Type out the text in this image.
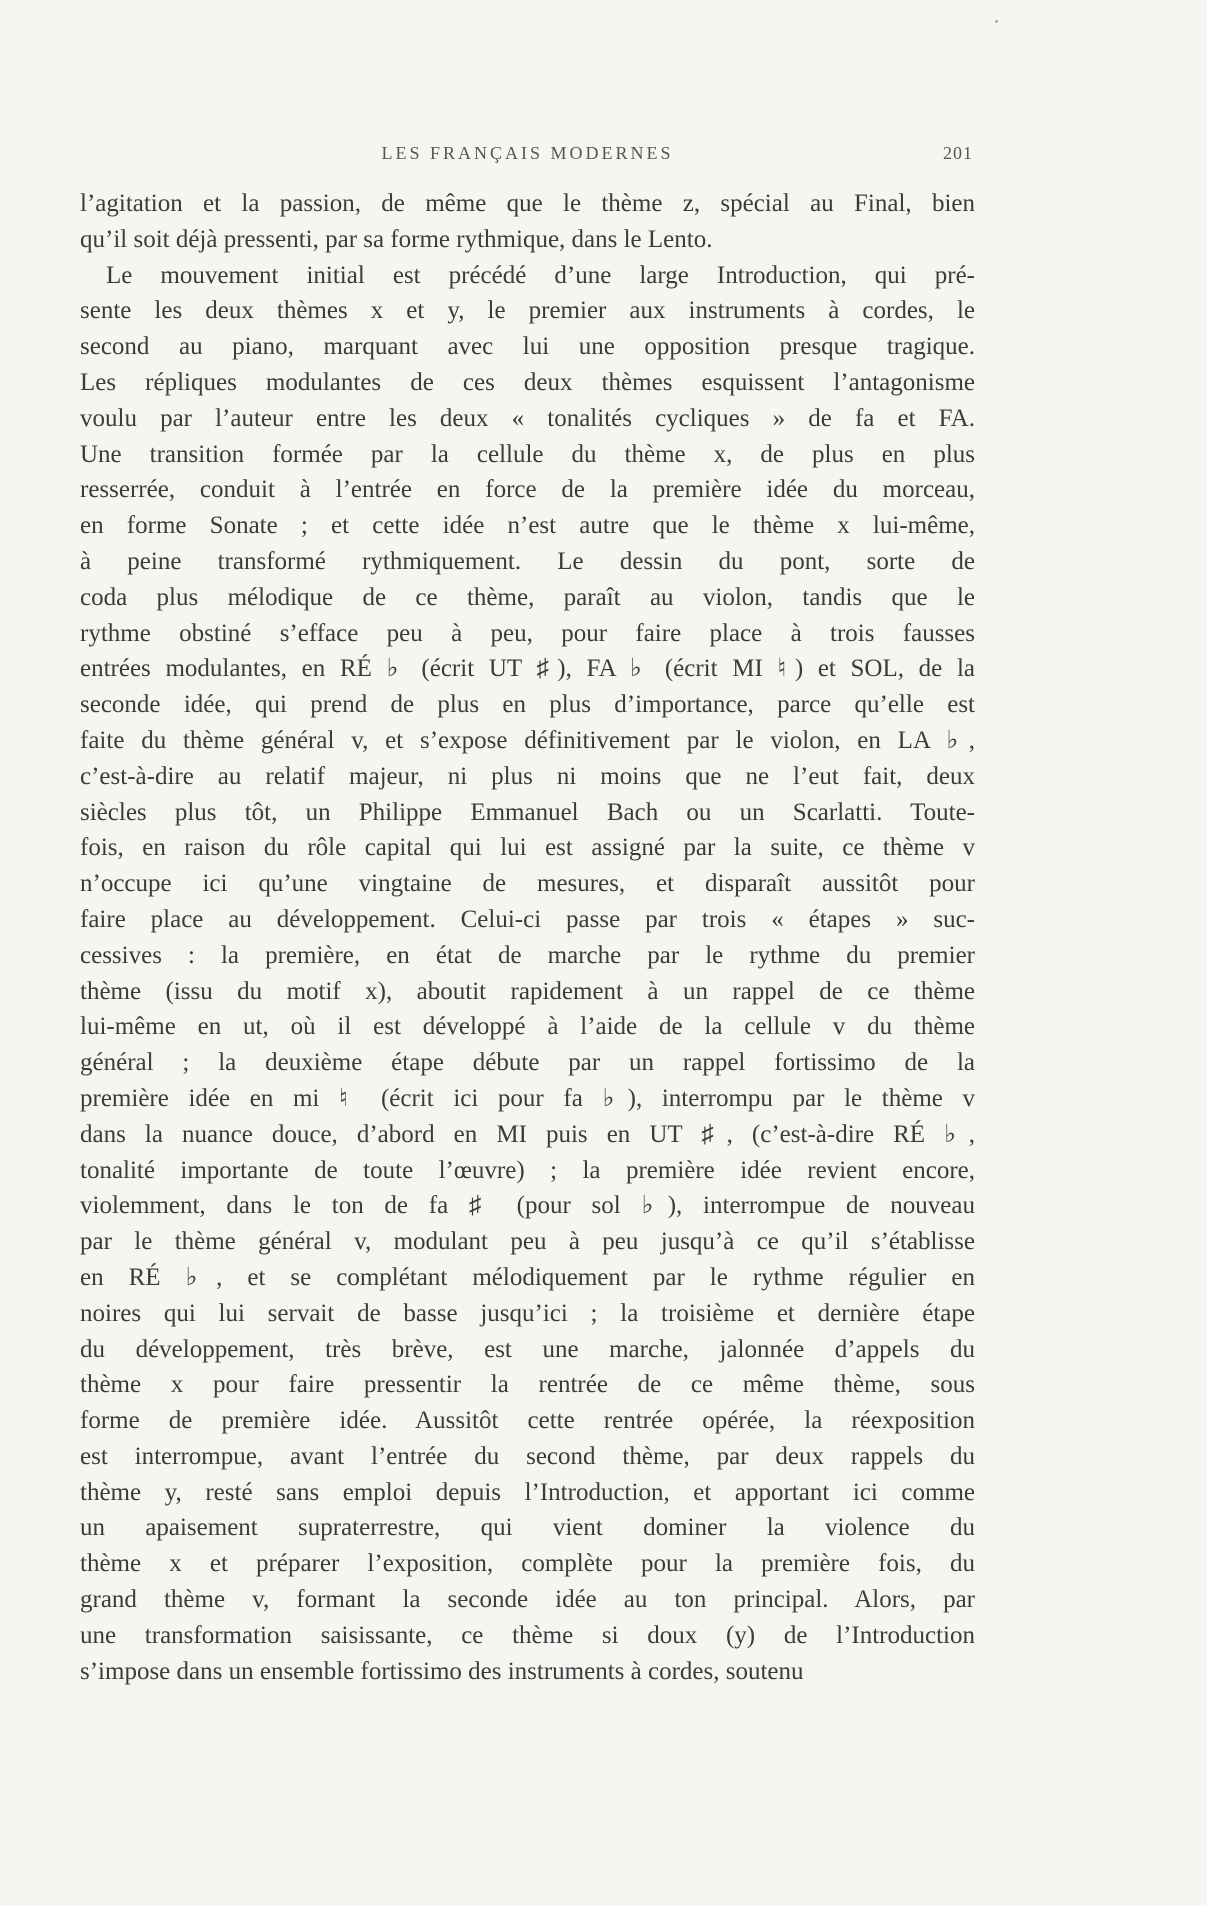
LES FRANÇAIS MODERNES	201
l’agitation et la passion, de même que le thème z, spécial au Final, bien
qu’il soit déjà pressenti, par sa forme rythmique, dans le Lento.
Le mouvement initial est précédé d’une large Introduction, qui pré-
sente les deux thèmes x et y, le premier aux instruments à cordes, le
second au piano, marquant avec lui une opposition presque tragique.
Les répliques modulantes de ces deux thèmes esquissent l’antagonisme
voulu par l’auteur entre les deux « tonalités cycliques » de fa et FA.
Une transition formée par la cellule du thème x, de plus en plus
resserrée, conduit à l’entrée en force de la première idée du morceau,
en forme Sonate ; et cette idée n’est autre que le thème x lui-même,
à peine transformé rythmiquement. Le dessin du pont, sorte de
coda plus mélodique de ce thème, paraît au violon, tandis que le
rythme obstiné s’efface peu à peu, pour faire place à trois fausses
entrées modulantes, en RÉ ♭ (écrit UT ♯), FA ♭ (écrit MI ♮) et SOL, de la
seconde idée, qui prend de plus en plus d’importance, parce qu’elle est
faite du thème général v, et s’expose définitivement par le violon, en LA ♭,
c’est-à-dire au relatif majeur, ni plus ni moins que ne l’eut fait, deux
siècles plus tôt, un Philippe Emmanuel Bach ou un Scarlatti. Toute-
fois, en raison du rôle capital qui lui est assigné par la suite, ce thème v
n’occupe ici qu’une vingtaine de mesures, et disparaît aussitôt pour
faire place au développement. Celui-ci passe par trois « étapes » suc-
cessives : la première, en état de marche par le rythme du premier
thème (issu du motif x), aboutit rapidement à un rappel de ce thème
lui-même en ut, où il est développé à l’aide de la cellule v du thème
général ; la deuxième étape débute par un rappel fortissimo de la
première idée en mi ♮ (écrit ici pour fa ♭), interrompu par le thème v
dans la nuance douce, d’abord en MI puis en UT ♯, (c’est-à-dire RÉ ♭,
tonalité importante de toute l’œuvre) ; la première idée revient encore,
violemment, dans le ton de fa ♯ (pour sol ♭), interrompue de nouveau
par le thème général v, modulant peu à peu jusqu’à ce qu’il s’établisse
en RÉ ♭, et se complétant mélodiquement par le rythme régulier en
noires qui lui servait de basse jusqu’ici ; la troisième et dernière étape
du développement, très brève, est une marche, jalonnée d’appels du
thème x pour faire pressentir la rentrée de ce même thème, sous
forme de première idée. Aussitôt cette rentrée opérée, la réexposition
est interrompue, avant l’entrée du second thème, par deux rappels du
thème y, resté sans emploi depuis l’Introduction, et apportant ici comme
un apaisement supraterrestre, qui vient dominer la violence du
thème x et préparer l’exposition, complète pour la première fois, du
grand thème v, formant la seconde idée au ton principal. Alors, par
une transformation saisissante, ce thème si doux (y) de l’Introduction
s’impose dans un ensemble fortissimo des instruments à cordes, soutenu
